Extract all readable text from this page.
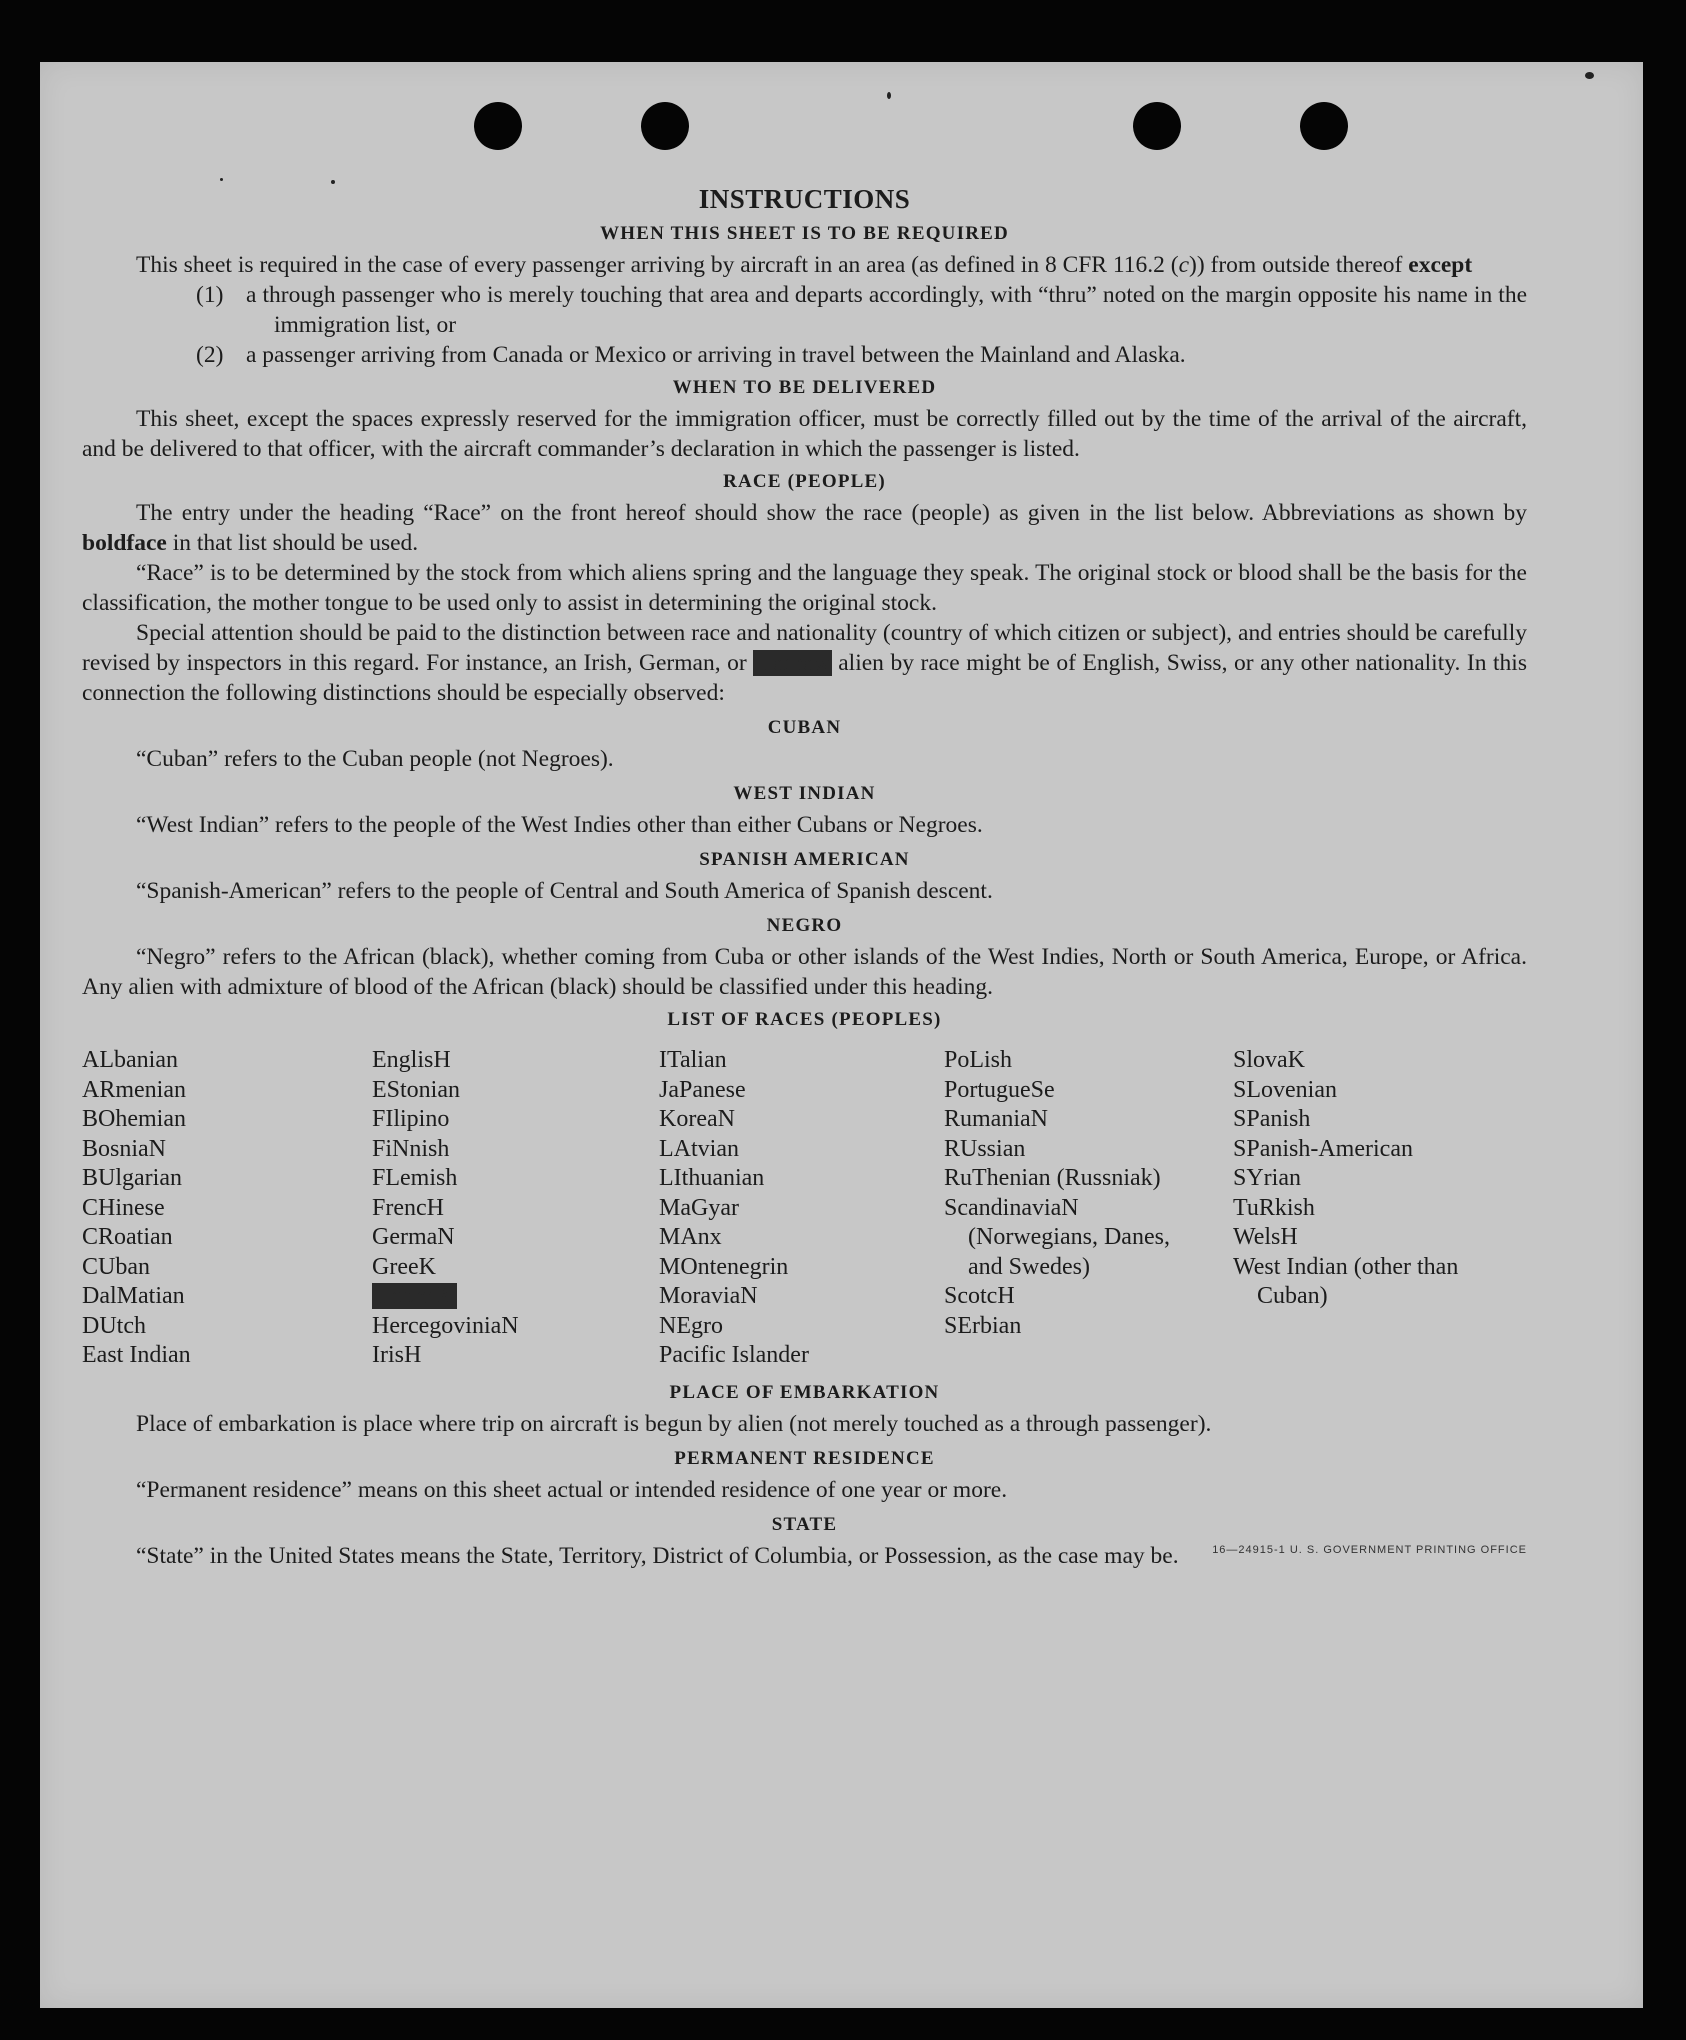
INSTRUCTIONS
WHEN THIS SHEET IS TO BE REQUIRED

This sheet is required in the case of every passenger arriving by aircraft in an area (as defined in 8 CFR 116.2 (c)) from outside thereof except

(1) a through passenger who is merely touching that area and departs accordingly, with “thru” noted on the margin opposite his name in the immigration list, or
(2) a passenger arriving from Canada or Mexico or arriving in travel between the Mainland and Alaska.
WHEN TO BE DELIVERED

This sheet, except the spaces expressly reserved for the immigration officer, must be correctly filled out by the time of the arrival of the aircraft, and be delivered to that officer, with the aircraft commander’s declaration in which the passenger is listed.

RACE (PEOPLE)

The entry under the heading “Race” on the front hereof should show the race (people) as given in the list below. Abbreviations as shown by boldface in that list should be used.

“Race” is to be determined by the stock from which aliens spring and the language they speak. The original stock or blood shall be the basis for the classification, the mother tongue to be used only to assist in determining the original stock.

Special attention should be paid to the distinction between race and nationality (country of which citizen or subject), and entries should be carefully revised by inspectors in this regard. For instance, an Irish, German, or Hebrew alien by race might be of English, Swiss, or any other nationality. In this connection the following distinctions should be especially observed:

CUBAN

“Cuban” refers to the Cuban people (not Negroes).

WEST INDIAN

“West Indian” refers to the people of the West Indies other than either Cubans or Negroes.

SPANISH AMERICAN

“Spanish-American” refers to the people of Central and South America of Spanish descent.

NEGRO

“Negro” refers to the African (black), whether coming from Cuba or other islands of the West Indies, North or South America, Europe, or Africa. Any alien with admixture of blood of the African (black) should be classified under this heading.

LIST OF RACES (PEOPLES)
ALbanian
ARmenian
BOhemian
BosniaN
BUlgarian
CHinese
CRoatian
CUban
DalMatian
DUtch
East Indian
EnglisH
EStonian
FIlipino
FiNnish
FLemish
FrencH
GermaN
GreeK
HebreW
HercegoviniaN
IrisH
ITalian
JaPanese
KoreaN
LAtvian
LIthuanian
MaGyar
MAnx
MOntenegrin
MoraviaN
NEgro
Pacific Islander
PoLish
PortugueSe
RumaniaN
RUssian
RuThenian (Russniak)
ScandinaviaN (Norwegians, Danes, and Swedes)
ScotcH
SErbian
SlovaK
SLovenian
SPanish
SPanish-American
SYrian
TuRkish
WelsH
West Indian (other than Cuban)
PLACE OF EMBARKATION

Place of embarkation is place where trip on aircraft is begun by alien (not merely touched as a through passenger).

PERMANENT RESIDENCE

“Permanent residence” means on this sheet actual or intended residence of one year or more.

STATE

“State” in the United States means the State, Territory, District of Columbia, or Possession, as the case may be.	16—24915-1 U. S. GOVERNMENT PRINTING OFFICE
